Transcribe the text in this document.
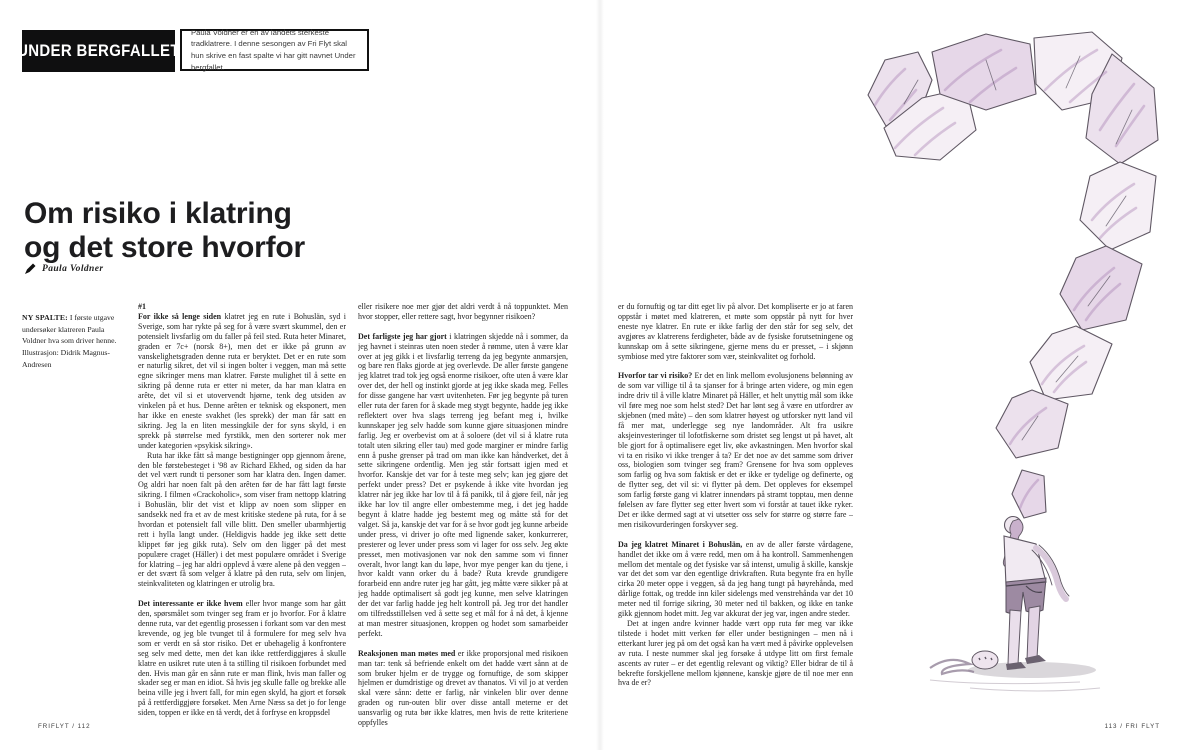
UNDER BERGFALLET
Paula Voldner er en av landets sterkeste tradklatrere. I denne sesongen av Fri Flyt skal hun skrive en fast spalte vi har gitt navnet Under bergfallet.
Om risiko i klatring
og det store hvorfor
Paula Voldner
NY SPALTE: I første utgave undersøker klatreren Paula Voldner hva som driver henne. Illustrasjon: Didrik Magnus-Andresen

#1

For ikke så lenge siden klatret jeg en rute i Bohuslän, syd i Sverige, som har rykte på seg for å være svært skummel, den er potensielt livsfarlig om du faller på feil sted. Ruta heter Minaret, graden er 7c+ (norsk 8+), men det er ikke på grunn av vanskelighetsgraden denne ruta er beryktet. Det er en rute som er naturlig sikret, det vil si ingen bolter i veggen, man må sette egne sikringer mens man klatrer. Første mulighet til å sette en sikring på denne ruta er etter ni meter, da har man klatra en arête, det vil si et utovervendt hjørne, tenk deg utsiden av vinkelen på et hus. Denne arêten er teknisk og eksponert, men har ikke en eneste svakhet (les sprekk) der man får satt en sikring. Jeg la en liten messingkile der for syns skyld, i en sprekk på størrelse med fyrstikk, men den sorterer nok mer under kategorien «psykisk sikring».

Ruta har ikke fått så mange bestigninger opp gjennom årene, den ble førstebesteget i '98 av Richard Ekhed, og siden da har det vel vært rundt ti personer som har klatra den. Ingen damer. Og aldri har noen falt på den arêten før de har fått lagt første sikring. I filmen «Crackoholic», som viser fram nettopp klatring i Bohuslän, blir det vist et klipp av noen som slipper en sandsekk ned fra et av de mest kritiske stedene på ruta, for å se hvordan et potensielt fall ville blitt. Den smeller ubarmhjertig rett i hylla langt under. (Heldigvis hadde jeg ikke sett dette klippet før jeg gikk ruta). Selv om den ligger på det mest populære craget (Häller) i det mest populære området i Sverige for klatring – jeg har aldri opplevd å være alene på den veggen – er det svært få som velger å klatre på den ruta, selv om linjen, steinkvaliteten og klatringen er utrolig bra.

Det interessante er ikke hvem eller hvor mange som har gått den, spørsmålet som tvinger seg fram er jo hvorfor. For å klatre denne ruta, var det egentlig prosessen i forkant som var den mest krevende, og jeg ble tvunget til å formulere for meg selv hva som er verdt en så stor risiko. Det er ubehagelig å konfrontere seg selv med dette, men det kan ikke rettferdiggjøres å skulle klatre en usikret rute uten å ta stilling til risikoen forbundet med den. Hvis man går en sånn rute er man flink, hvis man faller og skader seg er man en idiot. Så hvis jeg skulle falle og brekke alle beina ville jeg i hvert fall, for min egen skyld, ha gjort et forsøk på å rettferdiggjøre forsøket. Men Arne Næss sa det jo for lenge siden, toppen er ikke en tå verdt, det å forfryse en kroppsdel

eller risikere noe mer gjør det aldri verdt å nå toppunktet. Men hvor stopper, eller rettere sagt, hvor begynner risikoen?

Det farligste jeg har gjort i klatringen skjedde nå i sommer, da jeg havnet i steinras uten noen steder å rømme, uten å være klar over at jeg gikk i et livsfarlig terreng da jeg begynte anmarsjen, og bare ren flaks gjorde at jeg overlevde. De aller første gangene jeg klatret trad tok jeg også enorme risikoer, ofte uten å være klar over det, der hell og instinkt gjorde at jeg ikke skada meg. Felles for disse gangene har vært uvitenheten. Før jeg begynte på turen eller ruta der faren for å skade meg stygt begynte, hadde jeg ikke reflektert over hva slags terreng jeg befant meg i, hvilke kunnskaper jeg selv hadde som kunne gjøre situasjonen mindre farlig. Jeg er overbevist om at å soloere (det vil si å klatre ruta totalt uten sikring eller tau) med gode marginer er mindre farlig enn å pushe grenser på trad om man ikke kan håndverket, det å sette sikringene ordentlig. Men jeg står fortsatt igjen med et hvorfor. Kanskje det var for å teste meg selv; kan jeg gjøre det perfekt under press? Det er psykende å ikke vite hvordan jeg klatrer når jeg ikke har lov til å få panikk, til å gjøre feil, når jeg ikke har lov til angre eller ombestemme meg, i det jeg hadde begynt å klatre hadde jeg bestemt meg og måtte stå for det valget. Så ja, kanskje det var for å se hvor godt jeg kunne arbeide under press, vi driver jo ofte med lignende saker, konkurrerer, presterer og lever under press som vi lager for oss selv. Jeg økte presset, men motivasjonen var nok den samme som vi finner overalt, hvor langt kan du løpe, hvor mye penger kan du tjene, i hvor kaldt vann orker du å bade? Ruta krevde grundigere forarbeid enn andre ruter jeg har gått, jeg måtte være sikker på at jeg hadde optimalisert så godt jeg kunne, men selve klatringen der det var farlig hadde jeg helt kontroll på. Jeg tror det handler om tilfredsstillelsen ved å sette seg et mål for å nå det, å kjenne at man mestrer situasjonen, kroppen og hodet som samarbeider perfekt.

Reaksjonen man møtes med er ikke proporsjonal med risikoen man tar: tenk så befriende enkelt om det hadde vært sånn at de som bruker hjelm er de trygge og fornuftige, de som skipper hjelmen er dumdristige og drevet av thanatos. Vi vil jo at verden skal være sånn: dette er farlig, når vinkelen blir over denne graden og run-outen blir over disse antall meterne er det uansvarlig og ruta bør ikke klatres, men hvis de rette kriteriene oppfylles

er du fornuftig og tar ditt eget liv på alvor. Det kompliserte er jo at faren oppstår i møtet med klatreren, et møte som oppstår på nytt for hver eneste nye klatrer. En rute er ikke farlig der den står for seg selv, det avgjøres av klatrerens ferdigheter, både av de fysiske forutsetningene og kunnskap om å sette sikringene, gjerne mens du er presset, – i skjønn symbiose med ytre faktorer som vær, steinkvalitet og forhold.

Hvorfor tar vi risiko? Er det en link mellom evolusjonens belønning av de som var villige til å ta sjanser for å bringe arten videre, og min egen indre driv til å ville klatre Minaret på Häller, et helt unyttig mål som ikke vil føre meg noe som helst sted? Det har lønt seg å være en utfordrer av skjebnen (med måte) – den som klatrer høyest og utforsker nytt land vil få mer mat, underlegge seg nye landområder. Alt fra usikre aksjeinvesteringer til lofotfiskerne som dristet seg lengst ut på havet, alt ble gjort for å optimalisere eget liv, øke avkastningen. Men hvorfor skal vi ta en risiko vi ikke trenger å ta? Er det noe av det samme som driver oss, biologien som tvinger seg fram? Grensene for hva som oppleves som farlig og hva som faktisk er det er ikke er tydelige og definerte, og de flytter seg, det vil si: vi flytter på dem. Det oppleves for eksempel som farlig første gang vi klatrer innendørs på stramt topptau, men denne følelsen av fare flytter seg etter hvert som vi forstår at tauet ikke ryker. Det er ikke dermed sagt at vi utsetter oss selv for større og større fare – men risikovurderingen forskyver seg.

Da jeg klatret Minaret i Bohuslän, en av de aller første vårdagene, handlet det ikke om å være redd, men om å ha kontroll. Sammenhengen mellom det mentale og det fysiske var så intenst, umulig å skille, kanskje var det det som var den egentlige drivkraften. Ruta begynte fra en hylle cirka 20 meter oppe i veggen, så da jeg hang tungt på høyrehånda, med dårlige fottak, og tredde inn kiler sidelengs med venstrehånda var det 10 meter ned til forrige sikring, 30 meter ned til bakken, og ikke en tanke gikk gjennom hodet mitt. Jeg var akkurat der jeg var, ingen andre steder.

Det at ingen andre kvinner hadde vært opp ruta før meg var ikke tilstede i hodet mitt verken før eller under bestigningen – men nå i etterkant lurer jeg på om det også kan ha vært med å påvirke opplevelsen av ruta. I neste nummer skal jeg forsøke å utdype litt om first female ascents av ruter – er det egentlig relevant og viktig? Eller bidrar de til å bekrefte forskjellene mellom kjønnene, kanskje gjøre de til noe mer enn hva de er?

FRIFLYT / 112	113 / FRI FLYT
